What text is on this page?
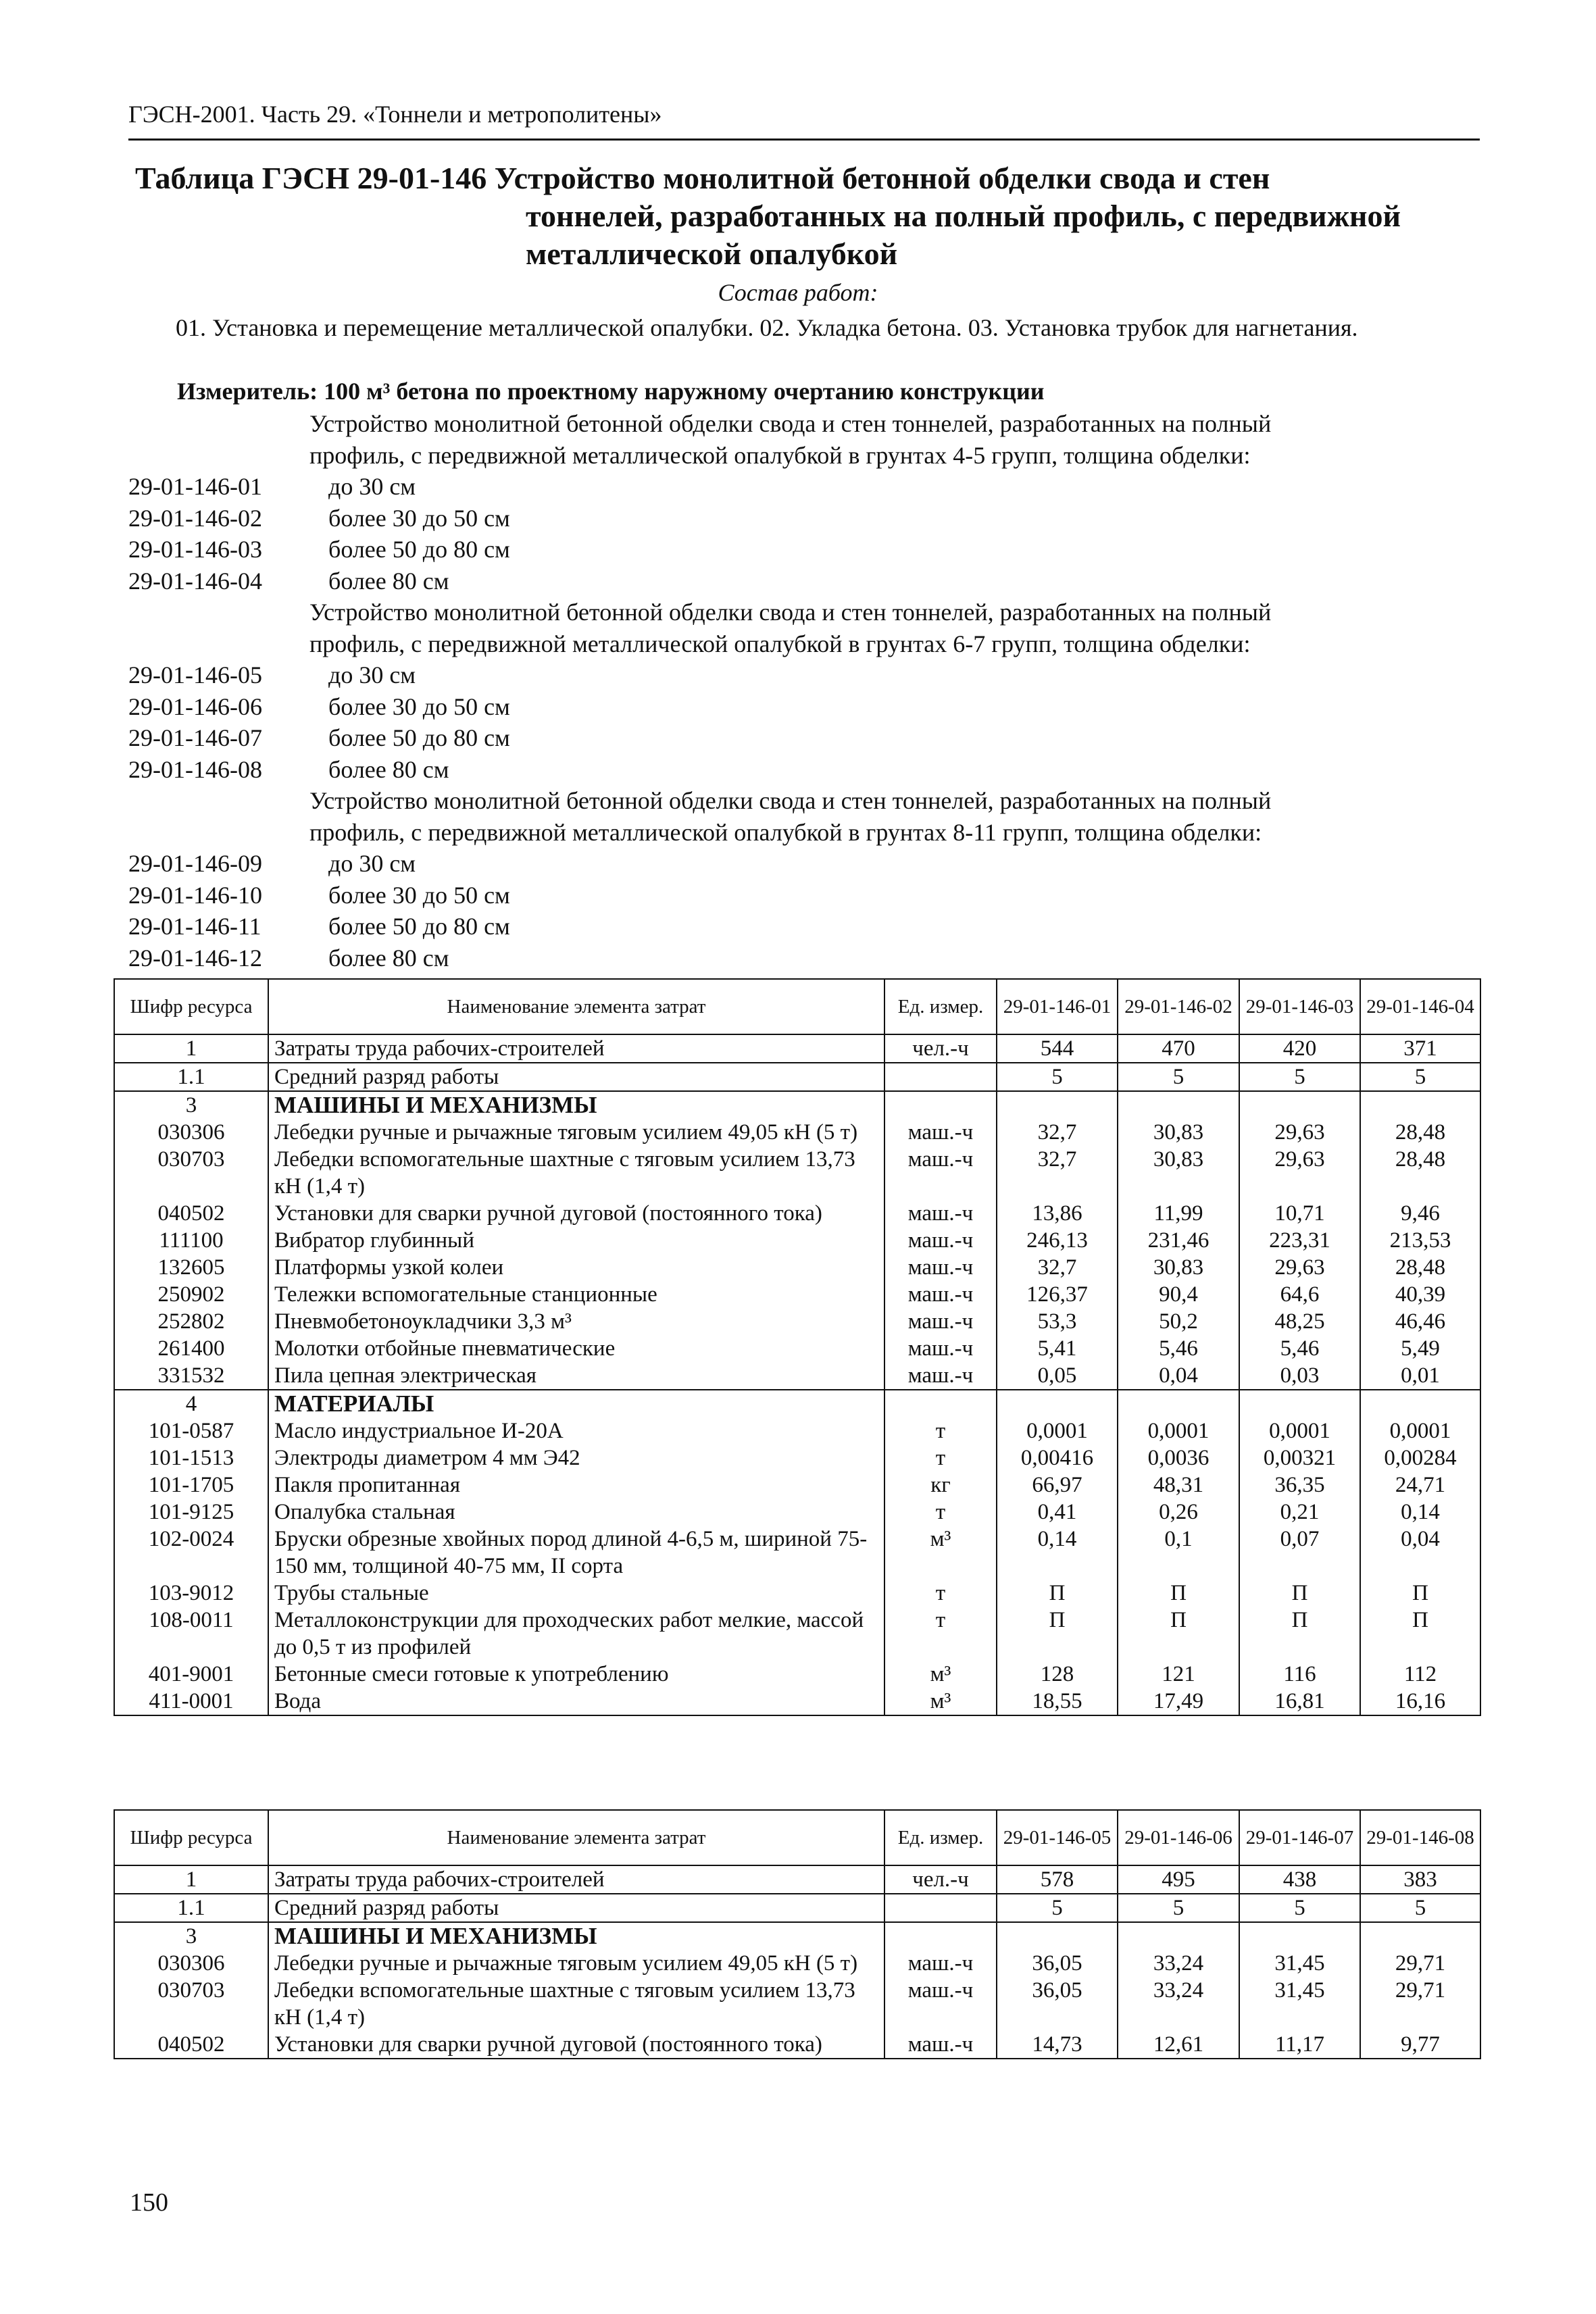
ГЭСН-2001. Часть 29. «Тоннели и метрополитены»
Таблица ГЭСН 29-01-146 Устройство монолитной бетонной обделки свода и стен
тоннелей, разработанных на полный профиль, с передвижной
металлической опалубкой
Состав работ:
01. Установка и перемещение металлической опалубки. 02. Укладка бетона. 03. Установка трубок для нагнетания.
Измеритель: 100 м³ бетона по проектному наружному очертанию конструкции
Устройство монолитной бетонной обделки свода и стен тоннелей, разработанных на полный
профиль, с передвижной металлической опалубкой в грунтах 4-5 групп, толщина обделки:
29-01-146-01	до 30 см
29-01-146-02	более 30 до 50 см
29-01-146-03	более 50 до 80 см
29-01-146-04	более 80 см
Устройство монолитной бетонной обделки свода и стен тоннелей, разработанных на полный
профиль, с передвижной металлической опалубкой в грунтах 6-7 групп, толщина обделки:
29-01-146-05	до 30 см
29-01-146-06	более 30 до 50 см
29-01-146-07	более 50 до 80 см
29-01-146-08	более 80 см
Устройство монолитной бетонной обделки свода и стен тоннелей, разработанных на полный
профиль, с передвижной металлической опалубкой в грунтах 8-11 групп, толщина обделки:
29-01-146-09	до 30 см
29-01-146-10	более 30 до 50 см
29-01-146-11	более 50 до 80 см
29-01-146-12	более 80 см
Шифр ресурса	Наименование элемента затрат	Ед. измер.	29-01-146-01	29-01-146-02	29-01-146-03	29-01-146-04
1	Затраты труда рабочих-строителей	чел.-ч	544	470	420	371
1.1	Средний разряд работы		5	5	5	5
3	МАШИНЫ И МЕХАНИЗМЫ					
030306	Лебедки ручные и рычажные тяговым усилием 49,05 кН (5 т)	маш.-ч	32,7	30,83	29,63	28,48
030703	Лебедки вспомогательные шахтные с тяговым усилием 13,73 кН (1,4 т)	маш.-ч	32,7	30,83	29,63	28,48
040502	Установки для сварки ручной дуговой (постоянного тока)	маш.-ч	13,86	11,99	10,71	9,46
111100	Вибратор глубинный	маш.-ч	246,13	231,46	223,31	213,53
132605	Платформы узкой колеи	маш.-ч	32,7	30,83	29,63	28,48
250902	Тележки вспомогательные станционные	маш.-ч	126,37	90,4	64,6	40,39
252802	Пневмобетоноукладчики 3,3 м³	маш.-ч	53,3	50,2	48,25	46,46
261400	Молотки отбойные пневматические	маш.-ч	5,41	5,46	5,46	5,49
331532	Пила цепная электрическая	маш.-ч	0,05	0,04	0,03	0,01
4	МАТЕРИАЛЫ					
101-0587	Масло индустриальное И-20А	т	0,0001	0,0001	0,0001	0,0001
101-1513	Электроды диаметром 4 мм Э42	т	0,00416	0,0036	0,00321	0,00284
101-1705	Пакля пропитанная	кг	66,97	48,31	36,35	24,71
101-9125	Опалубка стальная	т	0,41	0,26	0,21	0,14
102-0024	Бруски обрезные хвойных пород длиной 4-6,5 м, шириной 75-150 мм, толщиной 40-75 мм, II сорта	м³	0,14	0,1	0,07	0,04
103-9012	Трубы стальные	т	П	П	П	П
108-0011	Металлоконструкции для проходческих работ мелкие, массой до 0,5 т из профилей	т	П	П	П	П
401-9001	Бетонные смеси готовые к употреблению	м³	128	121	116	112
411-0001	Вода	м³	18,55	17,49	16,81	16,16
Шифр ресурса	Наименование элемента затрат	Ед. измер.	29-01-146-05	29-01-146-06	29-01-146-07	29-01-146-08
1	Затраты труда рабочих-строителей	чел.-ч	578	495	438	383
1.1	Средний разряд работы		5	5	5	5
3	МАШИНЫ И МЕХАНИЗМЫ					
030306	Лебедки ручные и рычажные тяговым усилием 49,05 кН (5 т)	маш.-ч	36,05	33,24	31,45	29,71
030703	Лебедки вспомогательные шахтные с тяговым усилием 13,73 кН (1,4 т)	маш.-ч	36,05	33,24	31,45	29,71
040502	Установки для сварки ручной дуговой (постоянного тока)	маш.-ч	14,73	12,61	11,17	9,77
150
